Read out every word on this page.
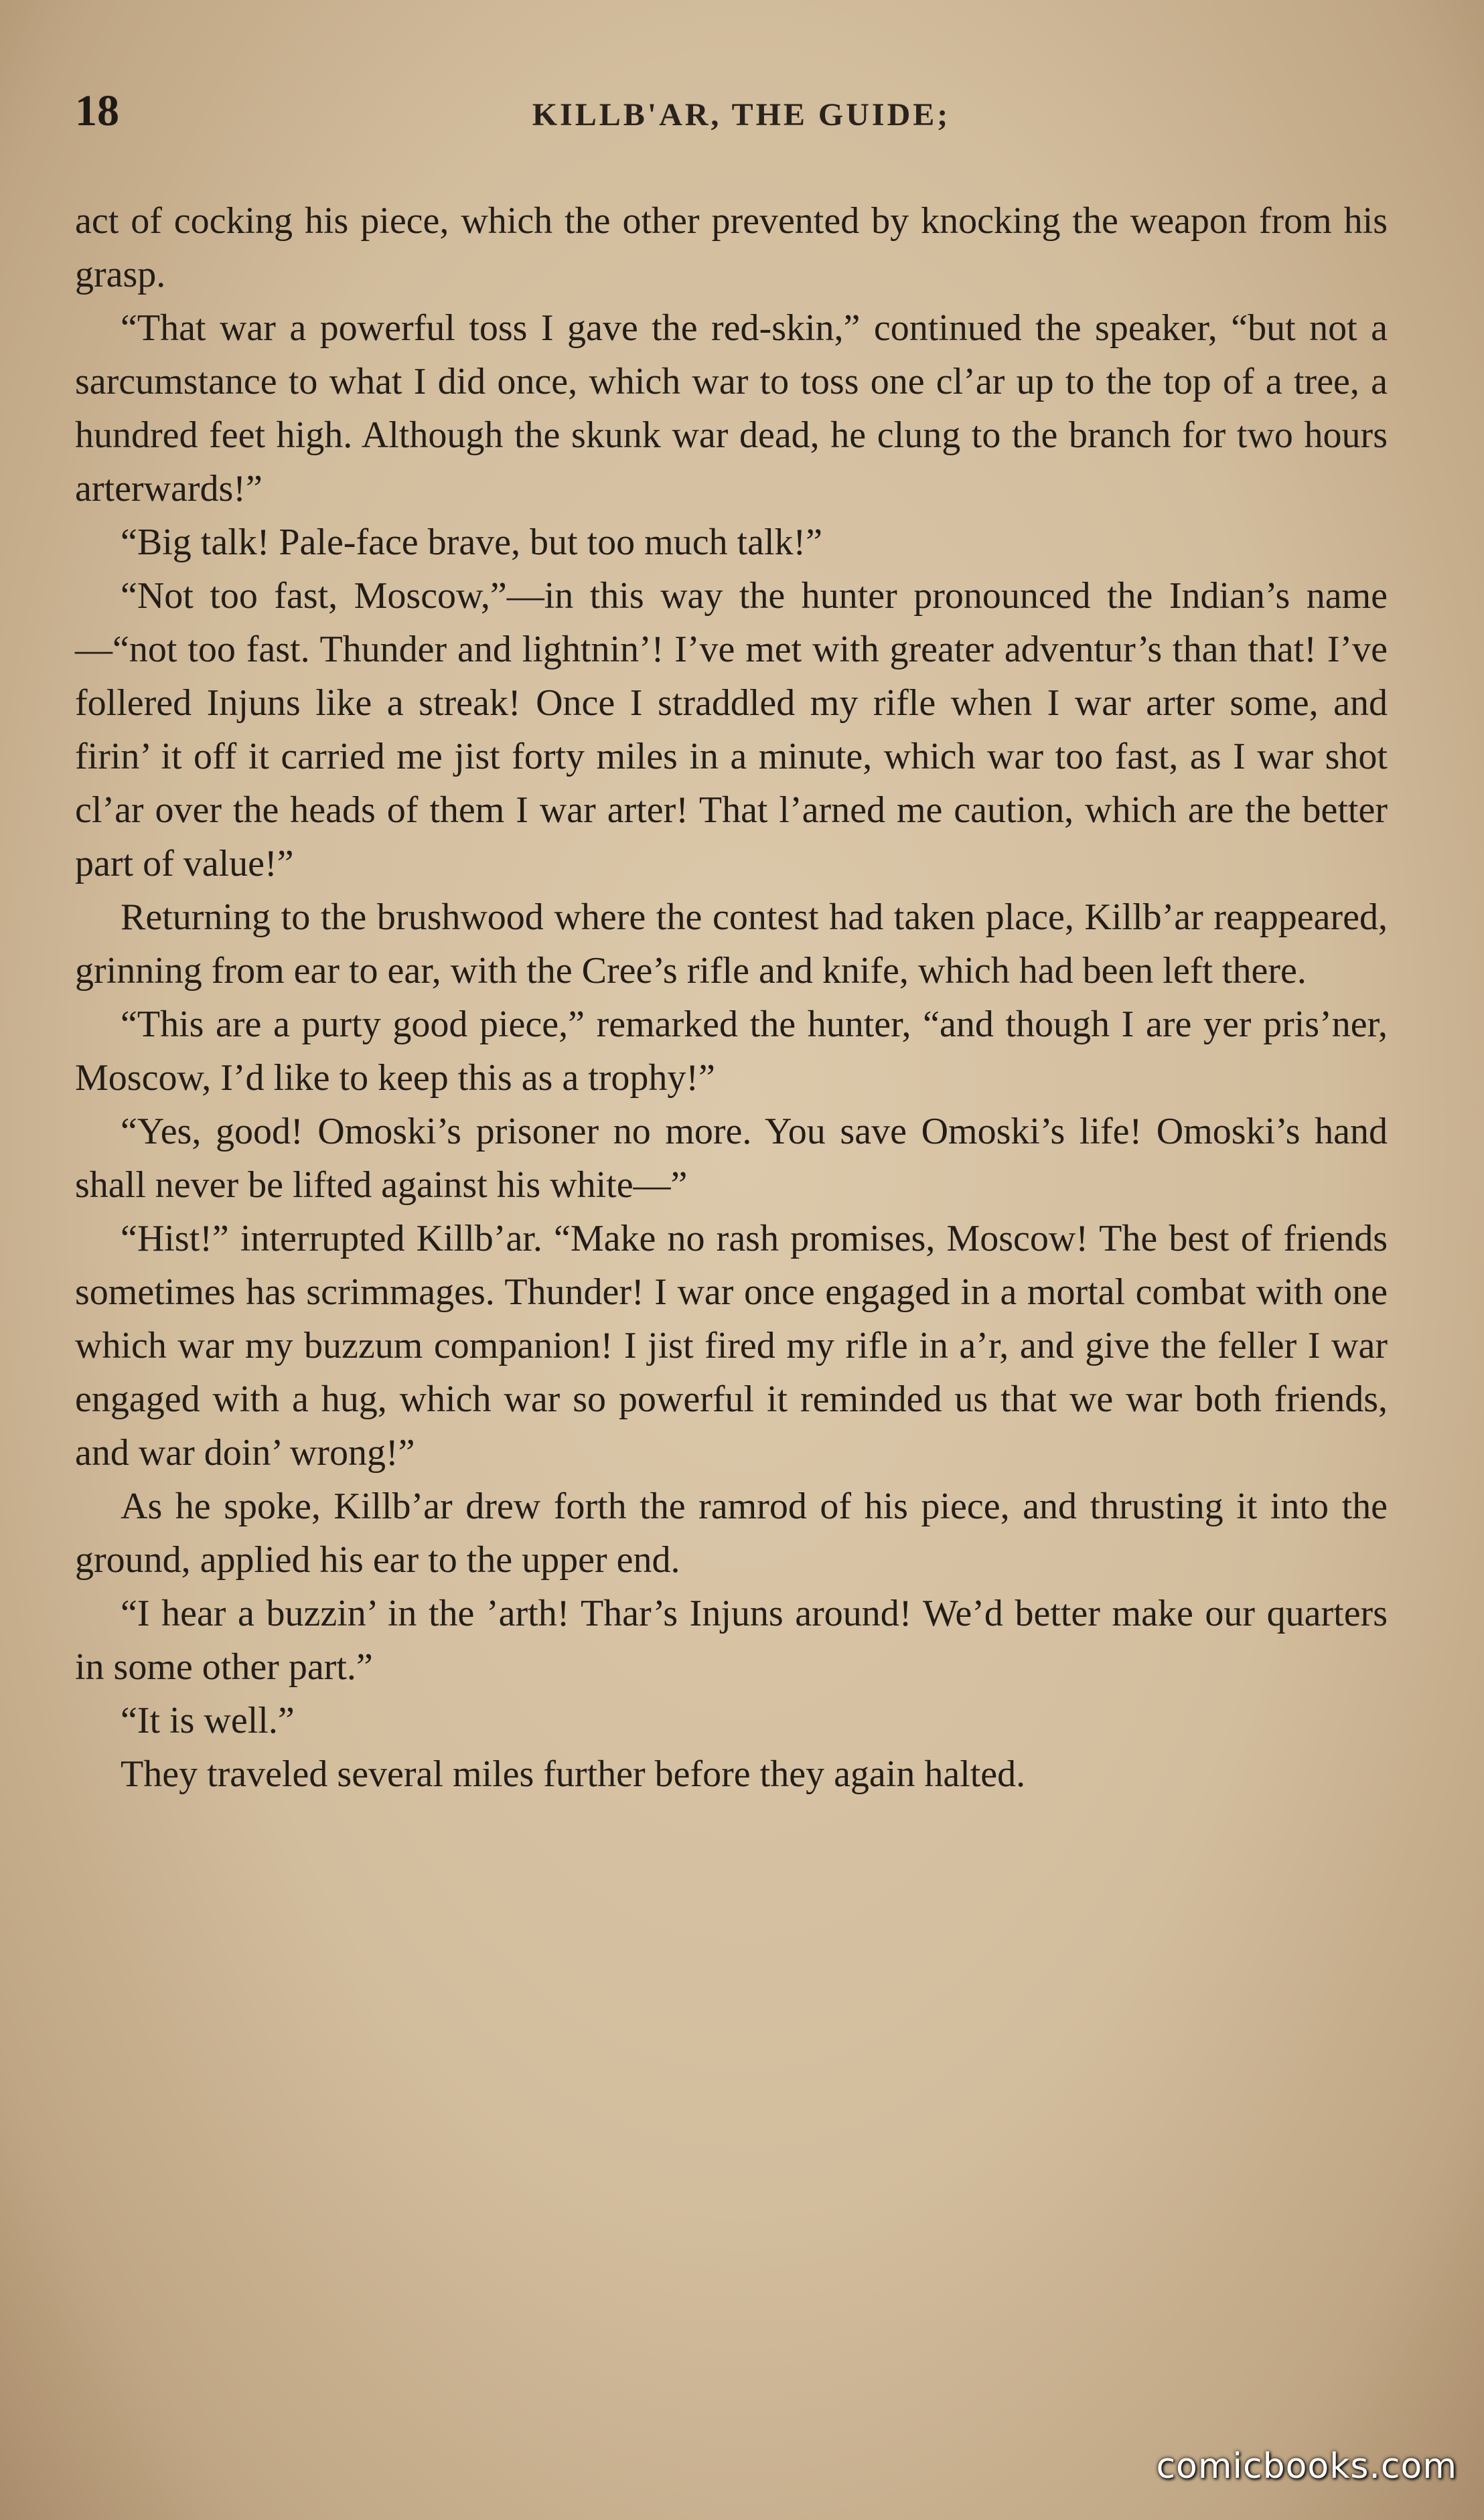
18	KILLB'AR, THE GUIDE;

act of cocking his piece, which the other prevented by knocking the weapon from his grasp.

“That war a powerful toss I gave the red-skin,” continued the speaker, “but not a sarcumstance to what I did once, which war to toss one cl’ar up to the top of a tree, a hundred feet high. Although the skunk war dead, he clung to the branch for two hours arterwards!”

“Big talk! Pale-face brave, but too much talk!”

“Not too fast, Moscow,”—in this way the hunter pronounced the Indian’s name—“not too fast. Thunder and lightnin’! I’ve met with greater adventur’s than that! I’ve follered Injuns like a streak! Once I straddled my rifle when I war arter some, and firin’ it off it carried me jist forty miles in a minute, which war too fast, as I war shot cl’ar over the heads of them I war arter! That l’arned me caution, which are the better part of value!”

Returning to the brushwood where the contest had taken place, Killb’ar reappeared, grinning from ear to ear, with the Cree’s rifle and knife, which had been left there.

“This are a purty good piece,” remarked the hunter, “and though I are yer pris’ner, Moscow, I’d like to keep this as a trophy!”

“Yes, good! Omoski’s prisoner no more. You save Omoski’s life! Omoski’s hand shall never be lifted against his white—”

“Hist!” interrupted Killb’ar. “Make no rash promises, Moscow! The best of friends sometimes has scrimmages. Thunder! I war once engaged in a mortal combat with one which war my buzzum companion! I jist fired my rifle in a’r, and give the feller I war engaged with a hug, which war so powerful it reminded us that we war both friends, and war doin’ wrong!”

As he spoke, Killb’ar drew forth the ramrod of his piece, and thrusting it into the ground, applied his ear to the upper end.

“I hear a buzzin’ in the ’arth! Thar’s Injuns around! We’d better make our quarters in some other part.”

“It is well.”

They traveled several miles further before they again halted.

comicbooks.com
